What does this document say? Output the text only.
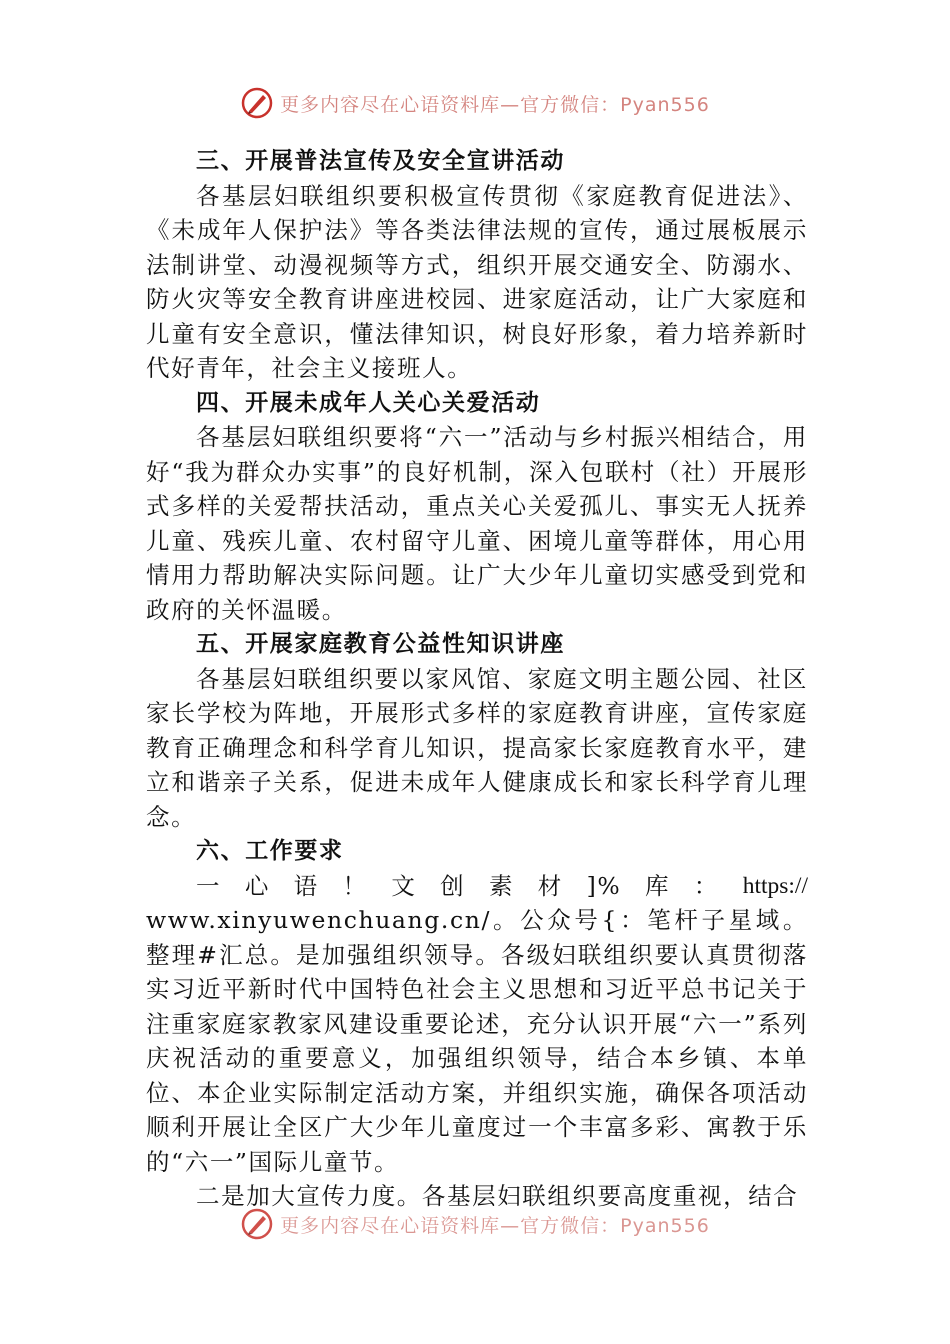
更多内容尽在心语资料库—官方微信：Pyan556

三、开展普法宣传及安全宣讲活动

各基层妇联组织要积极宣传贯彻《家庭教育促进法》、《未成年人保护法》等各类法律法规的宣传，通过展板展示法制讲堂、动漫视频等方式，组织开展交通安全、防溺水、防火灾等安全教育讲座进校园、进家庭活动，让广大家庭和儿童有安全意识，懂法律知识，树良好形象，着力培养新时代好青年，社会主义接班人。

四、开展未成年人关心关爱活动

各基层妇联组织要将“六一”活动与乡村振兴相结合，用好“我为群众办实事”的良好机制，深入包联村（社）开展形式多样的关爱帮扶活动，重点关心关爱孤儿、事实无人抚养儿童、残疾儿童、农村留守儿童、困境儿童等群体，用心用情用力帮助解决实际问题。让广大少年儿童切实感受到党和政府的关怀温暖。

五、开展家庭教育公益性知识讲座

各基层妇联组织要以家风馆、家庭文明主题公园、社区家长学校为阵地，开展形式多样的家庭教育讲座，宣传家庭教育正确理念和科学育儿知识，提高家长家庭教育水平，建立和谐亲子关系，促进未成年人健康成长和家长科学育儿理念。

六、工作要求

一 心 语 ！ 文 创 素 材 ]% 库 ： https://

www.xinyuwenchuang.cn/。公众号{：笔杆子星域。整理#汇总。是加强组织领导。各级妇联组织要认真贯彻落实习近平新时代中国特色社会主义思想和习近平总书记关于注重家庭家教家风建设重要论述，充分认识开展“六一”系列庆祝活动的重要意义，加强组织领导，结合本乡镇、本单位、本企业实际制定活动方案，并组织实施，确保各项活动顺利开展让全区广大少年儿童度过一个丰富多彩、寓教于乐的“六一”国际儿童节。

二是加大宣传力度。各基层妇联组织要高度重视，结合

更多内容尽在心语资料库—官方微信：Pyan556
